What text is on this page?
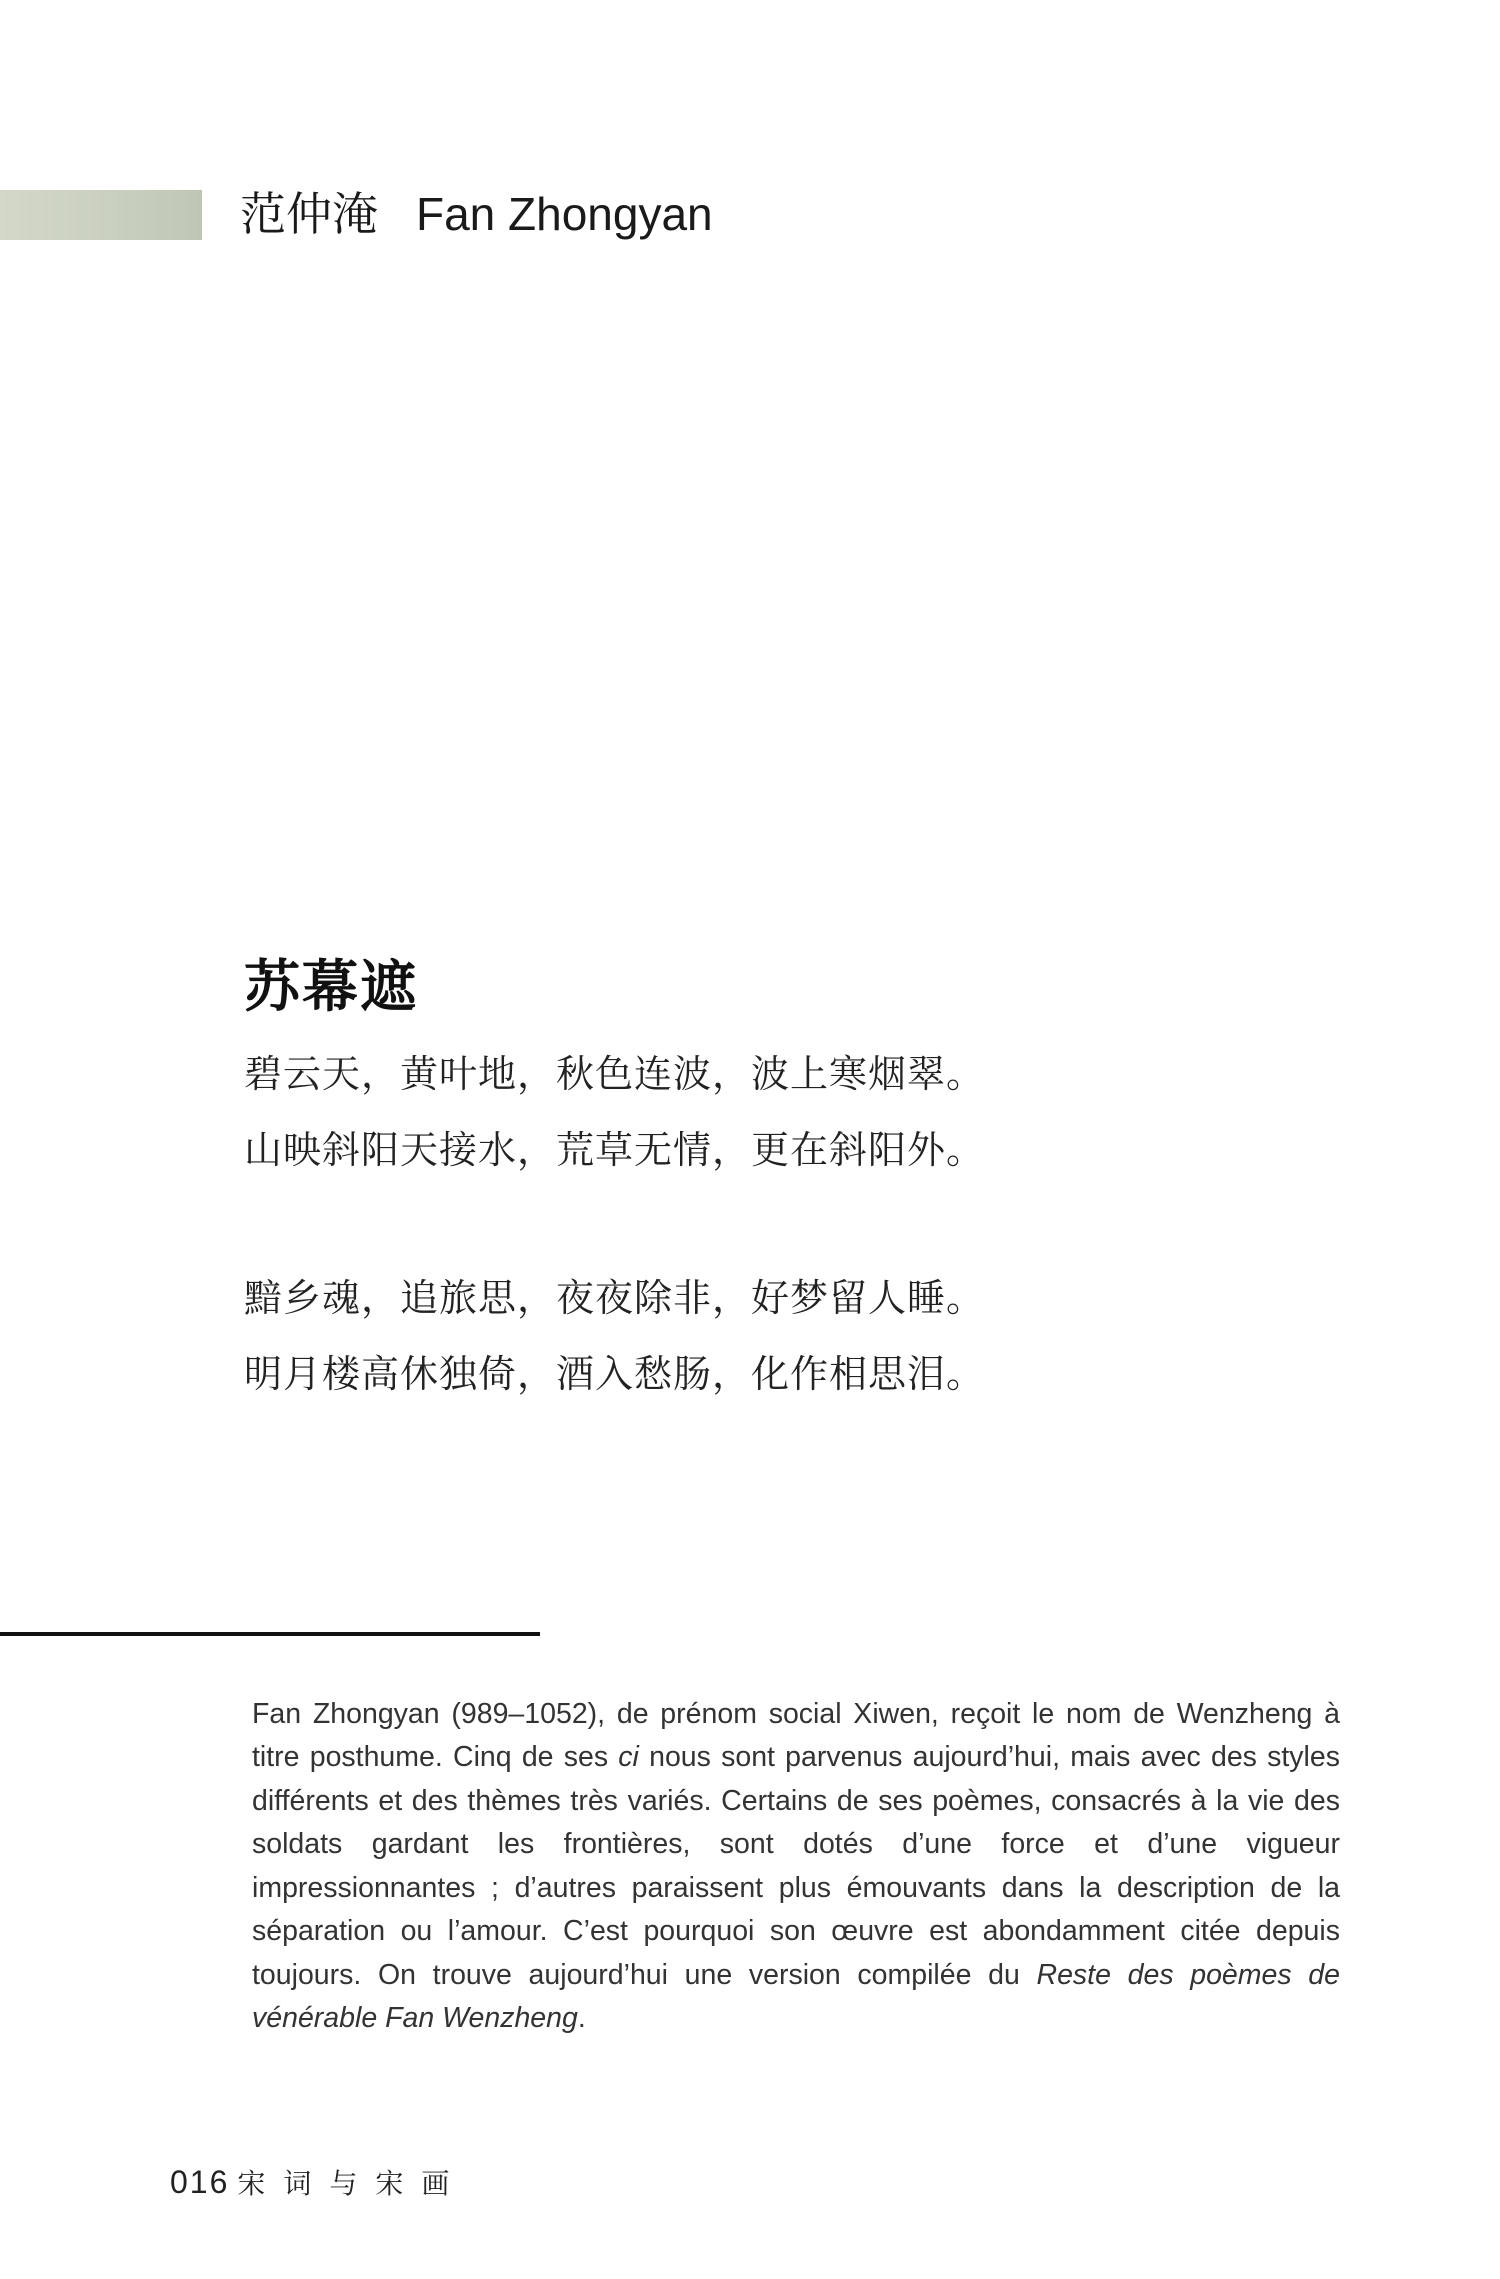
范仲淹 Fan Zhongyan
苏幕遮
碧云天，黄叶地，秋色连波，波上寒烟翠。
山映斜阳天接水，荒草无情，更在斜阳外。
黯乡魂，追旅思，夜夜除非，好梦留人睡。
明月楼高休独倚，酒入愁肠，化作相思泪。

Fan Zhongyan (989–1052), de prénom social Xiwen, reçoit le nom de Wenzheng à titre posthume. Cinq de ses ci nous sont parvenus aujourd’hui, mais avec des styles différents et des thèmes très variés. Certains de ses poèmes, consacrés à la vie des soldats gardant les frontières, sont dotés d’une force et d’une vigueur impressionnantes ; d’autres paraissent plus émouvants dans la description de la séparation ou l’amour. C’est pourquoi son œuvre est abondamment citée depuis toujours. On trouve aujourd’hui une version compilée du Reste des poèmes de vénérable Fan Wenzheng.

016 宋词与宋画
